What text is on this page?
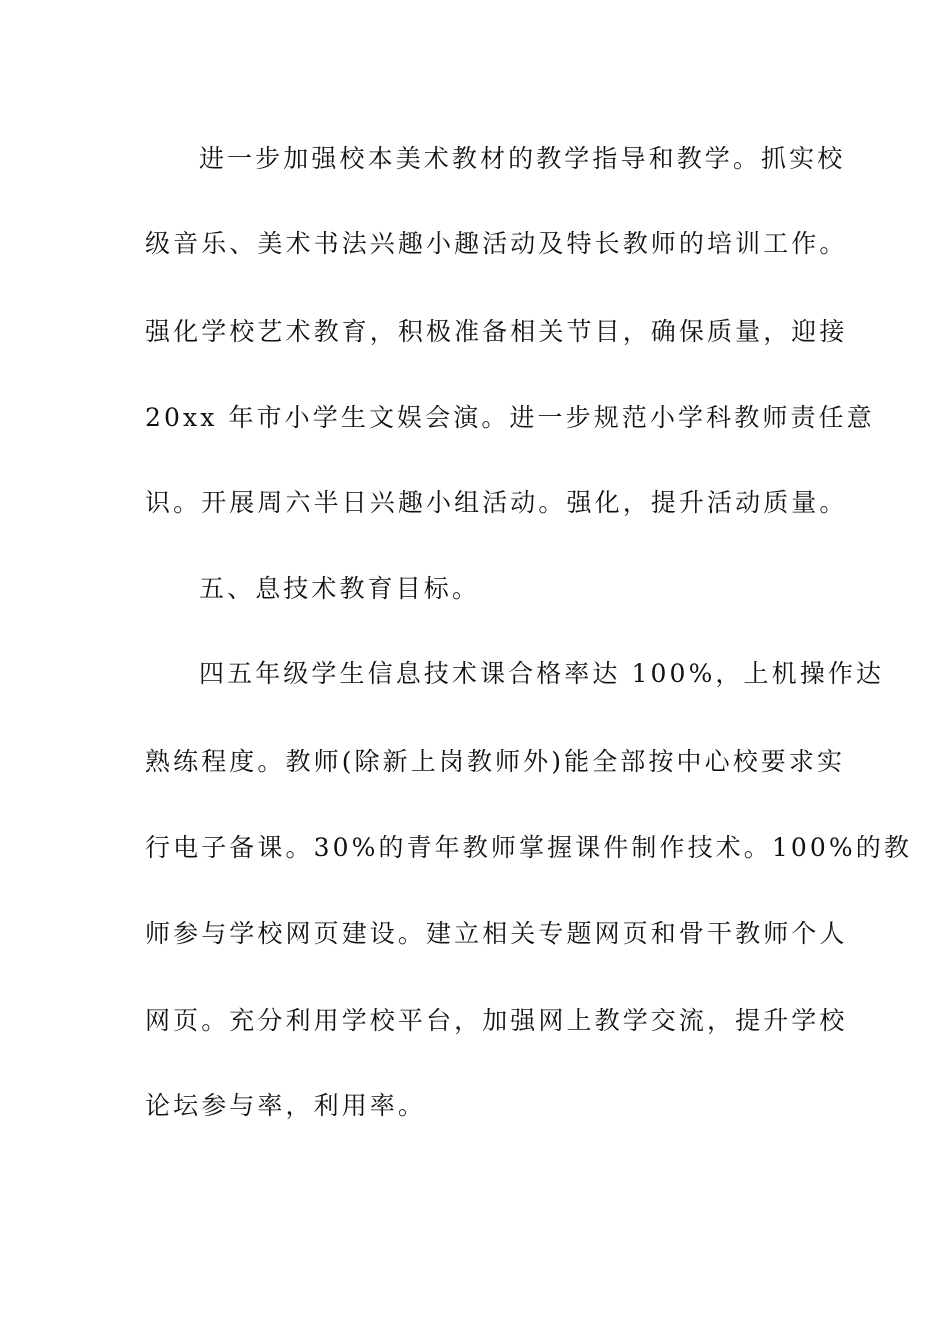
进一步加强校本美术教材的教学指导和教学。抓实校
级音乐、美术书法兴趣小趣活动及特长教师的培训工作。
强化学校艺术教育，积极准备相关节目，确保质量，迎接
20xx 年市小学生文娱会演。进一步规范小学科教师责任意
识。开展周六半日兴趣小组活动。强化，提升活动质量。
五、息技术教育目标。
四五年级学生信息技术课合格率达 100%，上机操作达
熟练程度。教师(除新上岗教师外)能全部按中心校要求实
行电子备课。30%的青年教师掌握课件制作技术。100%的教
师参与学校网页建设。建立相关专题网页和骨干教师个人
网页。充分利用学校平台，加强网上教学交流，提升学校
论坛参与率，利用率。
